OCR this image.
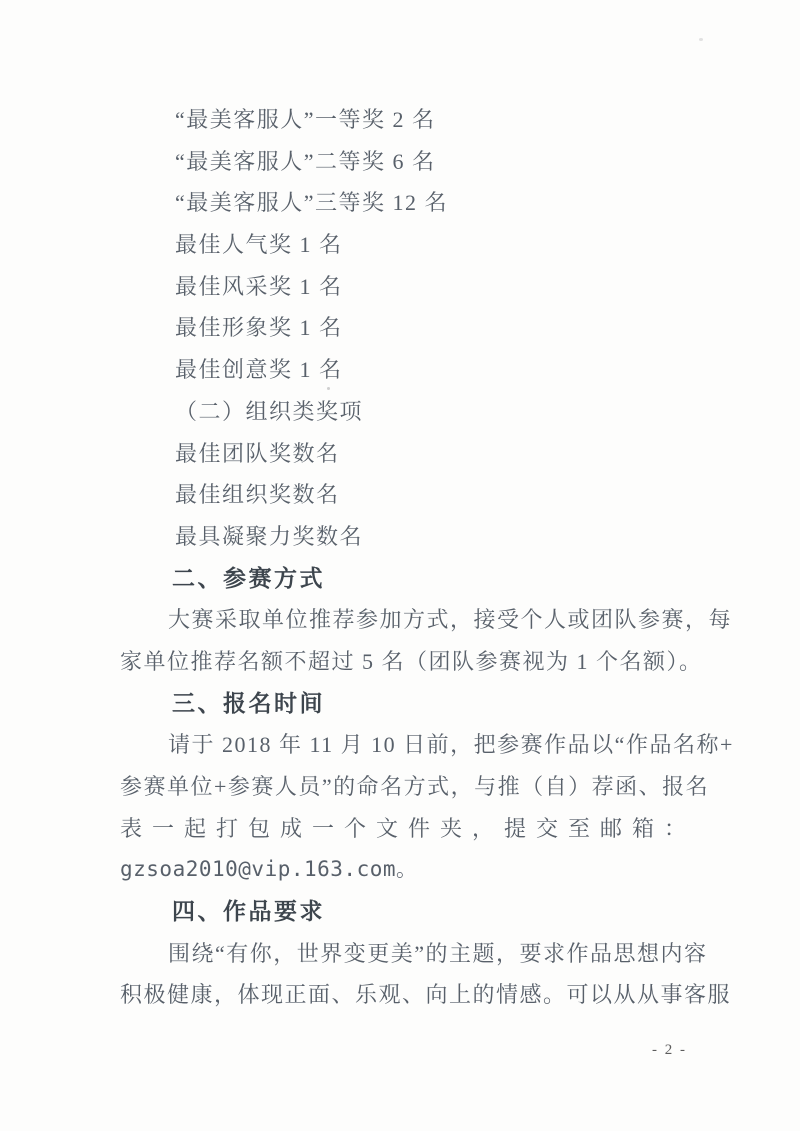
“最美客服人”一等奖 2 名
“最美客服人”二等奖 6 名
“最美客服人”三等奖 12 名
最佳人气奖 1 名
最佳风采奖 1 名
最佳形象奖 1 名
最佳创意奖 1 名
（二）组织类奖项
最佳团队奖数名
最佳组织奖数名
最具凝聚力奖数名
二、参赛方式
大赛采取单位推荐参加方式，接受个人或团队参赛，每
家单位推荐名额不超过 5 名（团队参赛视为 1 个名额）。
三、报名时间
请于 2018 年 11 月 10 日前，把参赛作品以“作品名称+
参赛单位+参赛人员”的命名方式，与推（自）荐函、报名
表一起打包成一个文件夹，提交至邮箱：
gzsoa2010@vip.163.com。
四、作品要求
围绕“有你，世界变更美”的主题，要求作品思想内容
积极健康，体现正面、乐观、向上的情感。可以从从事客服
- 2 -
